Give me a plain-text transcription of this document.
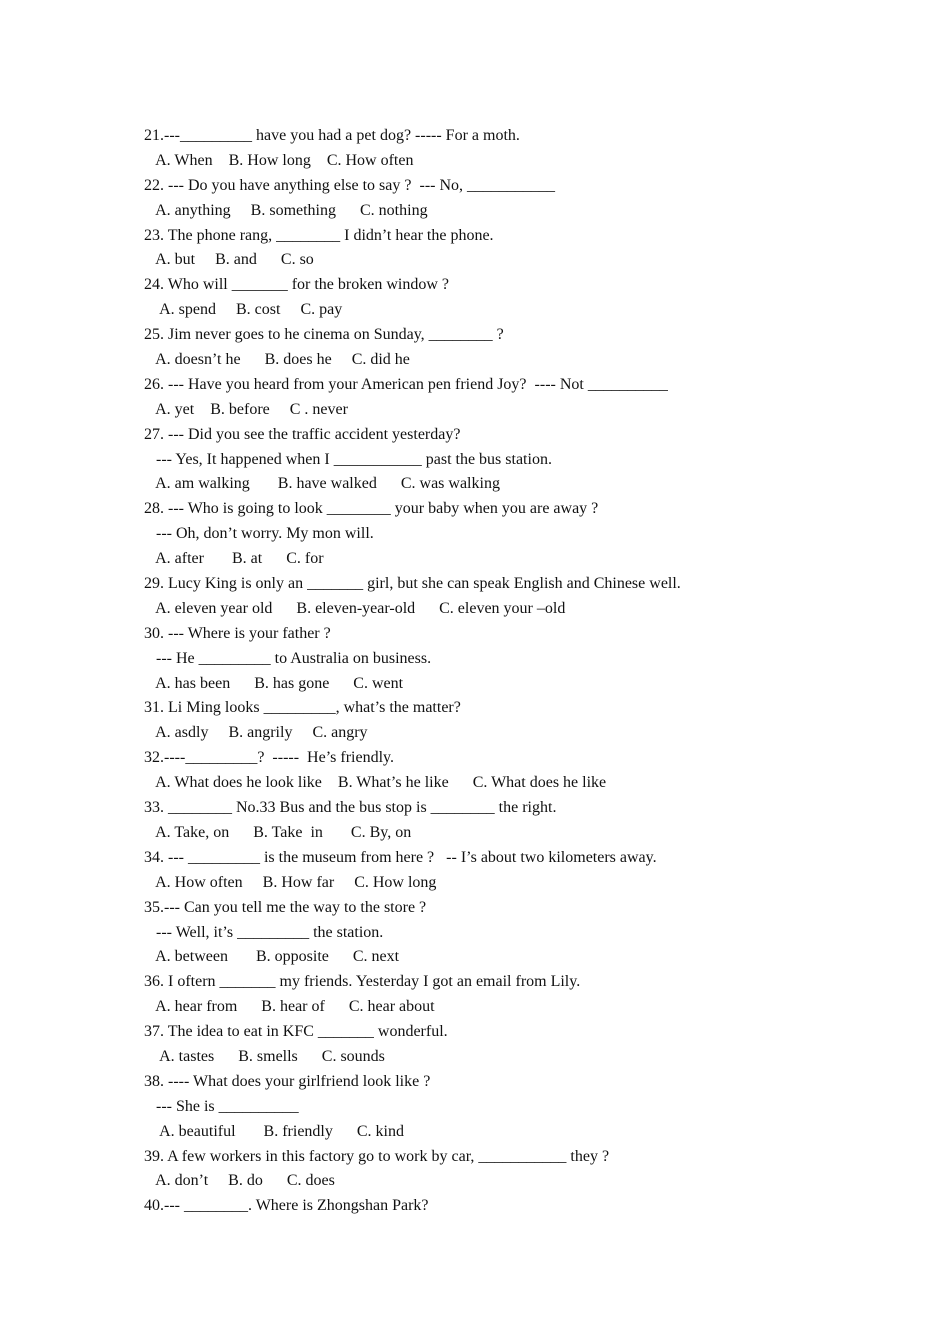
21.---_________ have you had a pet dog? ----- For a moth.
A. When    B. How long    C. How often
22. --- Do you have anything else to say ?  --- No, ___________
A. anything     B. something      C. nothing
23. The phone rang, ________ I didn’t hear the phone.
A. but     B. and      C. so
24. Who will _______ for the broken window ?
A. spend     B. cost     C. pay
25. Jim never goes to he cinema on Sunday, ________ ?
A. doesn’t he      B. does he     C. did he
26. --- Have you heard from your American pen friend Joy?  ---- Not __________
A. yet    B. before     C . never
27. --- Did you see the traffic accident yesterday?
--- Yes, It happened when I ___________ past the bus station.
A. am walking       B. have walked      C. was walking
28. --- Who is going to look ________ your baby when you are away ?
--- Oh, don’t worry. My mon will.
A. after       B. at      C. for
29. Lucy King is only an _______ girl, but she can speak English and Chinese well.
A. eleven year old      B. eleven-year-old      C. eleven your –old
30. --- Where is your father ?
--- He _________ to Australia on business.
A. has been      B. has gone      C. went
31. Li Ming looks _________, what’s the matter?
A. asdly     B. angrily     C. angry
32.----_________?  -----  He’s friendly.
A. What does he look like    B. What’s he like      C. What does he like
33. ________ No.33 Bus and the bus stop is ________ the right.
A. Take, on      B. Take  in       C. By, on
34. --- _________ is the museum from here ?   -- I’s about two kilometers away.
A. How often     B. How far     C. How long
35.--- Can you tell me the way to the store ?
--- Well, it’s _________ the station.
A. between       B. opposite      C. next
36. I oftern _______ my friends. Yesterday I got an email from Lily.
A. hear from      B. hear of      C. hear about
37. The idea to eat in KFC _______ wonderful.
A. tastes      B. smells      C. sounds
38. ---- What does your girlfriend look like ?
--- She is __________
A. beautiful       B. friendly      C. kind
39. A few workers in this factory go to work by car, ___________ they ?
A. don’t     B. do      C. does
40.--- ________. Where is Zhongshan Park?
